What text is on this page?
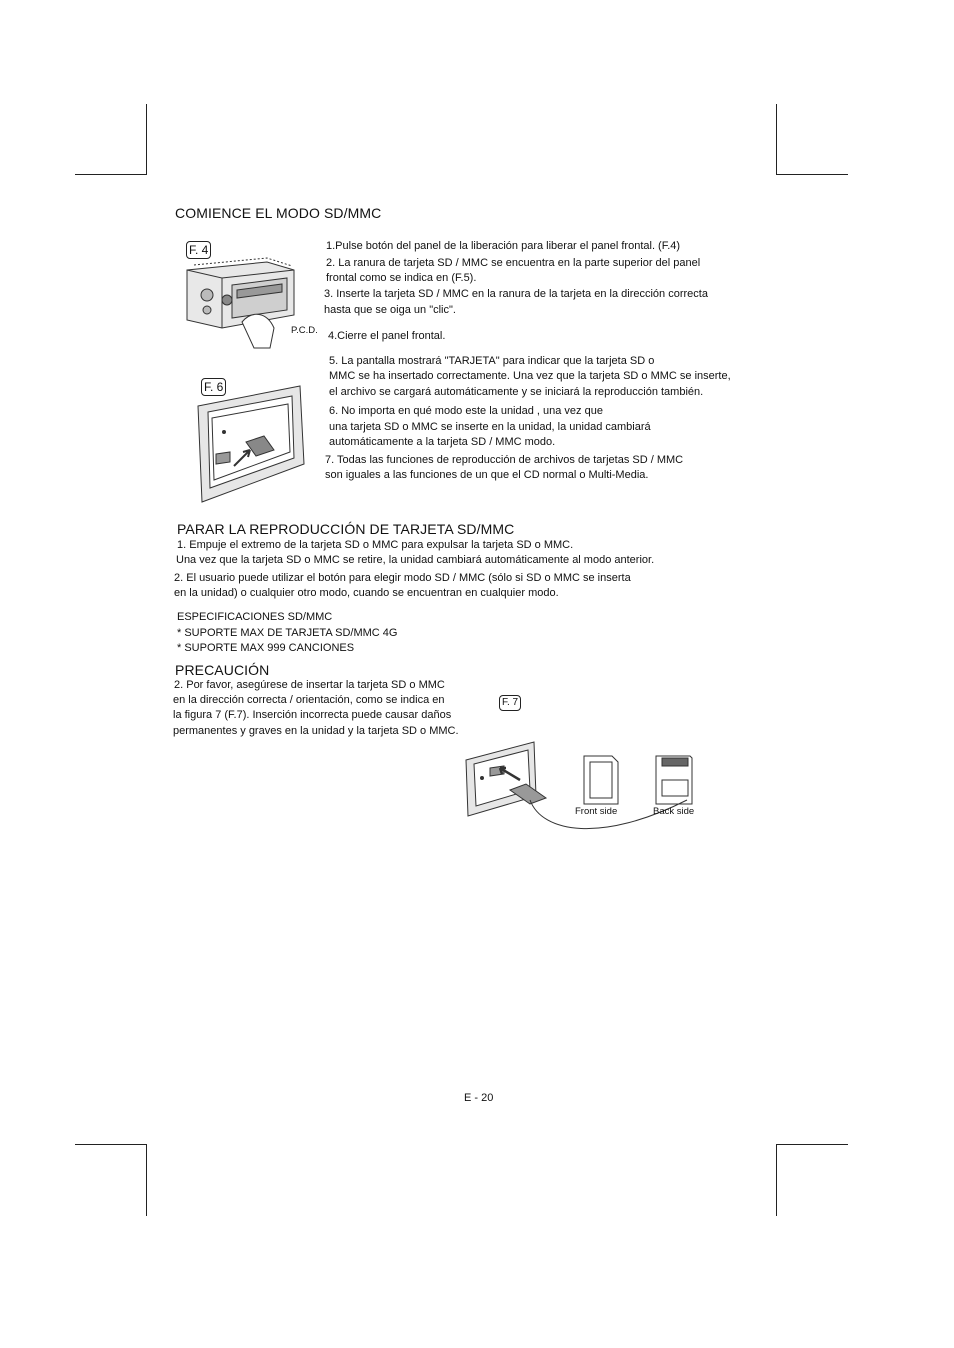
COMIENCE EL MODO SD/MMC
F. 4
P.C.D.
F. 6
1.Pulse botón del panel de la liberación para liberar el panel frontal. (F.4)
2. La ranura de tarjeta SD / MMC se encuentra en la parte superior del panel
frontal como se indica en (F.5).
3. Inserte la tarjeta SD / MMC en la ranura de la tarjeta en la dirección correcta
hasta que se oiga un "clic".
4.Cierre el panel frontal.
5. La pantalla mostrará "TARJETA" para indicar que la tarjeta SD o
MMC se ha insertado correctamente. Una vez que la tarjeta SD o MMC se inserte,
el archivo se cargará automáticamente y se iniciará la reproducción también.
6. No importa en qué modo este la unidad , una vez que
una tarjeta SD o MMC se inserte en la unidad, la unidad cambiará
automáticamente a la tarjeta SD / MMC modo.
7. Todas las funciones de reproducción de archivos de tarjetas SD / MMC
son iguales a las funciones de un que el CD normal o Multi-Media.
PARAR LA REPRODUCCIÓN DE TARJETA SD/MMC
1. Empuje el extremo de la tarjeta SD o MMC para expulsar la tarjeta SD o MMC.
Una vez que la tarjeta SD o MMC se retire, la unidad cambiará automáticamente al modo anterior.
2. El usuario puede utilizar el botón para elegir modo SD / MMC (sólo si SD o MMC se inserta
en la unidad) o cualquier otro modo, cuando se encuentran en cualquier modo.
ESPECIFICACIONES SD/MMC
* SUPORTE MAX DE TARJETA SD/MMC 4G
* SUPORTE MAX 999 CANCIONES
PRECAUCIÓN
2. Por favor, asegúrese de insertar la tarjeta SD o MMC
en la dirección correcta / orientación, como se indica en
la figura 7 (F.7). Inserción incorrecta puede causar daños
permanentes y graves en la unidad y la tarjeta SD o MMC.
F. 7
Front side	Back side
E - 20
